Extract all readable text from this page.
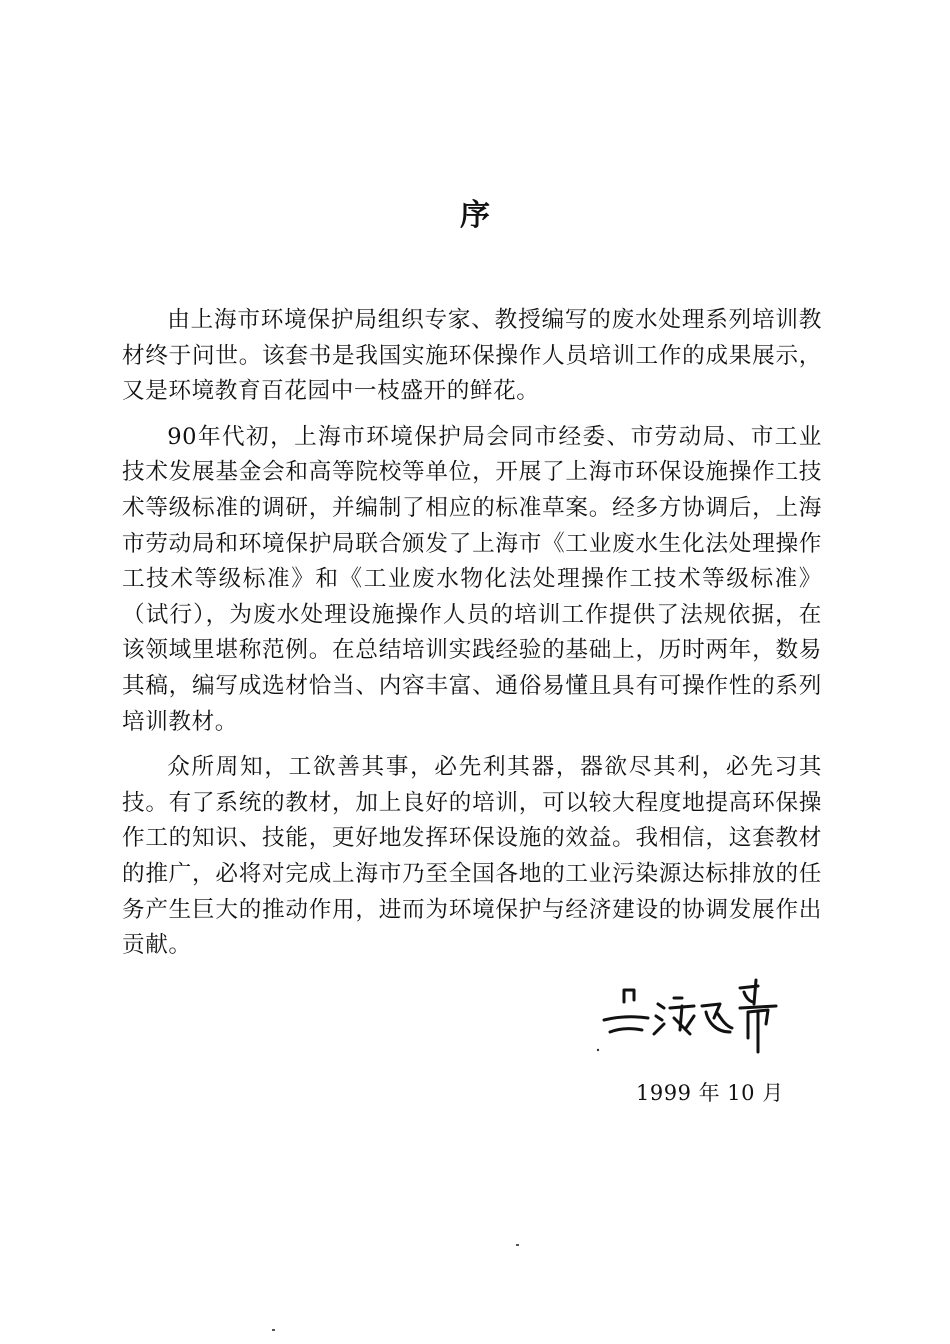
序

由上海市环境保护局组织专家、教授编写的废水处理系列培训教材终于问世。该套书是我国实施环保操作人员培训工作的成果展示，又是环境教育百花园中一枝盛开的鲜花。

90年代初，上海市环境保护局会同市经委、市劳动局、市工业技术发展基金会和高等院校等单位，开展了上海市环保设施操作工技术等级标准的调研，并编制了相应的标准草案。经多方协调后，上海市劳动局和环境保护局联合颁发了上海市《工业废水生化法处理操作工技术等级标准》和《工业废水物化法处理操作工技术等级标准》（试行），为废水处理设施操作人员的培训工作提供了法规依据，在该领域里堪称范例。在总结培训实践经验的基础上，历时两年，数易其稿，编写成选材恰当、内容丰富、通俗易懂且具有可操作性的系列培训教材。

众所周知，工欲善其事，必先利其器，器欲尽其利，必先习其技。有了系统的教材，加上良好的培训，可以较大程度地提高环保操作工的知识、技能，更好地发挥环保设施的效益。我相信，这套教材的推广，必将对完成上海市乃至全国各地的工业污染源达标排放的任务产生巨大的推动作用，进而为环境保护与经济建设的协调发展作出贡献。

1999 年 10 月
